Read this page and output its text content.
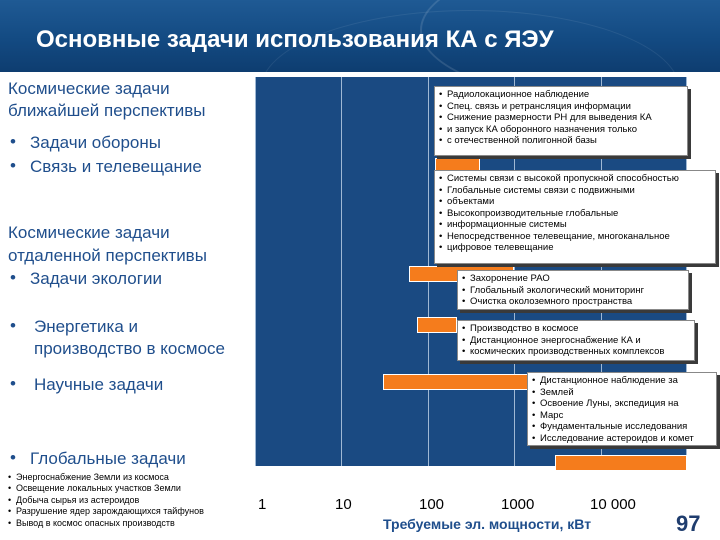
Основные задачи использования КА с ЯЭУ
Космические задачи
ближайшей перспективы
• Задачи обороны
• Связь и телевещание
Космические задачи
отдаленной перспективы
• Задачи экологии
• Энергетика и
производство в космосе
• Научные задачи
• Глобальные задачи
• Энергоснабжение Земли из космоса
• Освещение локальных участков Земли
• Добыча сырья из астероидов
• Разрушение ядер зарождающихся тайфунов
• Вывод в космос опасных производств
• Радиолокационное наблюдение
• Спец. связь и ретрансляция информации
• Снижение размерности РН для выведения КА
• и запуск КА оборонного назначения только
• с отечественной полигонной базы
• Системы связи с высокой пропускной способностью
• Глобальные системы связи с подвижными
• объектами
• Высокопроизводительные глобальные
• информационные системы
• Непосредственное телевещание, многоканальное
• цифровое телевещание
• Захоронение РАО
• Глобальный экологический мониторинг
• Очистка околоземного пространства
• Производство в космосе
• Дистанционное энергоснабжение КА и
• космических производственных комплексов
• Дистанционное наблюдение за
• Землей
• Освоение Луны, экспедиция на
• Марс
• Фундаментальные исследования
• Исследование астероидов и комет
1	10	100	1000	10 000
Требуемые эл. мощности, кВт	97
